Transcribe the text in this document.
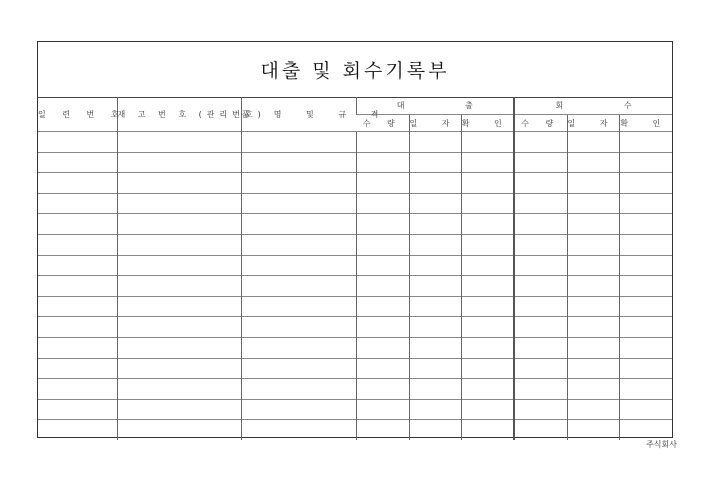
대출 및 회수기록부
일 련 번 호	재 고 번 호 (관리번호)	품 명 및 규 격	대 출			회 수		

			수 량	일 자	확 인	수 량	일 자	확 인

주식회사
